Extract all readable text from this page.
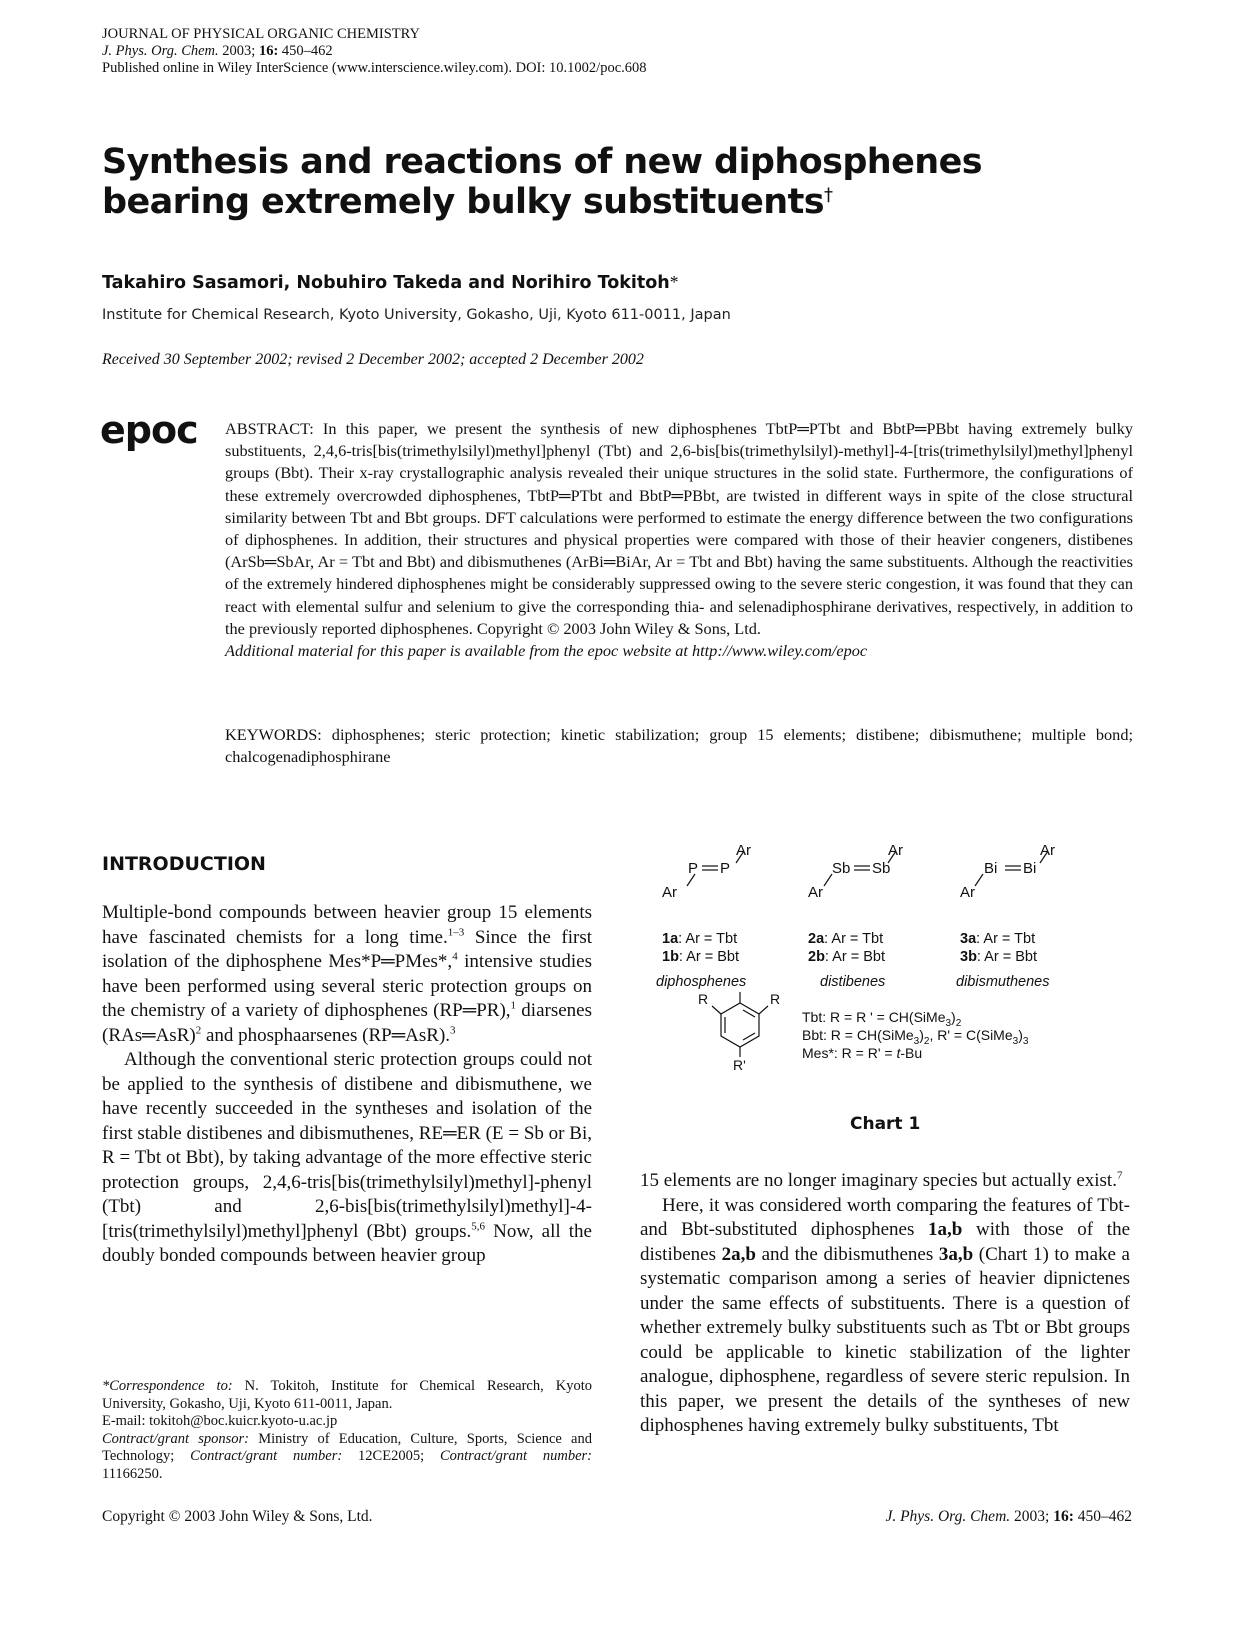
JOURNAL OF PHYSICAL ORGANIC CHEMISTRY
J. Phys. Org. Chem. 2003; 16: 450–462
Published online in Wiley InterScience (www.interscience.wiley.com). DOI: 10.1002/poc.608
Synthesis and reactions of new diphosphenes bearing extremely bulky substituents†
Takahiro Sasamori, Nobuhiro Takeda and Norihiro Tokitoh*
Institute for Chemical Research, Kyoto University, Gokasho, Uji, Kyoto 611-0011, Japan
Received 30 September 2002; revised 2 December 2002; accepted 2 December 2002
epoc ABSTRACT: In this paper, we present the synthesis of new diphosphenes TbtP═PTbt and BbtP═PBbt having extremely bulky substituents, 2,4,6-tris[bis(trimethylsilyl)methyl]phenyl (Tbt) and 2,6-bis[bis(trimethylsilyl)-methyl]-4-[tris(trimethylsilyl)methyl]phenyl groups (Bbt). Their x-ray crystallographic analysis revealed their unique structures in the solid state. Furthermore, the configurations of these extremely overcrowded diphosphenes, TbtP═PTbt and BbtP═PBbt, are twisted in different ways in spite of the close structural similarity between Tbt and Bbt groups. DFT calculations were performed to estimate the energy difference between the two configurations of diphosphenes. In addition, their structures and physical properties were compared with those of their heavier congeners, distibenes (ArSb═SbAr, Ar = Tbt and Bbt) and dibismuthenes (ArBi═BiAr, Ar = Tbt and Bbt) having the same substituents. Although the reactivities of the extremely hindered diphosphenes might be considerably suppressed owing to the severe steric congestion, it was found that they can react with elemental sulfur and selenium to give the corresponding thia- and selenadiphosphirane derivatives, respectively, in addition to the previously reported diphosphenes. Copyright © 2003 John Wiley & Sons, Ltd.

Additional material for this paper is available from the epoc website at http://www.wiley.com/epoc

KEYWORDS: diphosphenes; steric protection; kinetic stabilization; group 15 elements; distibene; dibismuthene; multiple bond; chalcogenadiphosphirane
INTRODUCTION

Multiple-bond compounds between heavier group 15 elements have fascinated chemists for a long time.$^{1-3}$ Since the first isolation of the diphosphene Mes*P═PMes*,$^4$ intensive studies have been performed using several steric protection groups on the chemistry of a variety of diphosphenes (RP═PR),$^1$ diarsenes (RAs═AsR)$^2$ and phosphaarsenes (RP═AsR).$^3$

Although the conventional steric protection groups could not be applied to the synthesis of distibene and dibismuthene, we have recently succeeded in the syntheses and isolation of the first stable distibenes and dibismuthenes, RE═ER (E = Sb or Bi, R = Tbt ot Bbt), by taking advantage of the more effective steric protection groups, 2,4,6-tris[bis(trimethylsilyl)methyl]-phenyl (Tbt) and 2,6-bis[bis(trimethylsilyl)methyl]-4-[tris(trimethylsilyl)methyl]phenyl (Bbt) groups.$^{5,6}$ Now, all the doubly bonded compounds between heavier group

15 elements are no longer imaginary species but actually exist.$^7$

Here, it was considered worth comparing the features of Tbt- and Bbt-substituted diphosphenes 1a,b with those of the distibenes 2a,b and the dibismuthenes 3a,b (Chart 1) to make a systematic comparison among a series of heavier dipnictenes under the same effects of substituents. There is a question of whether extremely bulky substituents such as Tbt or Bbt groups could be applicable to kinetic stabilization of the lighter analogue, diphosphene, regardless of severe steric repulsion. In this paper, we present the details of the syntheses of new diphosphenes having extremely bulky substituents, Tbt

Ar
P P
Ar
Ar
Sb Sb
Ar
Ar
Bi Bi
Ar
1a: Ar = Tbt
1b: Ar = Bbt
2a: Ar = Tbt
2b: Ar = Bbt
3a: Ar = Tbt
3b: Ar = Bbt
diphosphenes	distibenes	dibismuthenes
R	R
R'
Tbt: R = R ' = $CH(SiMe_3)_2$
Bbt: $R = CH(SiMe_3)_2$, $R' = C(SiMe_3)_3$
Mes*: R = R' = t-Bu
Chart 1
*Correspondence to: N. Tokitoh, Institute for Chemical Research, Kyoto University, Gokasho, Uji, Kyoto 611-0011, Japan.
E-mail: tokitoh@boc.kuicr.kyoto-u.ac.jp
Contract/grant sponsor: Ministry of Education, Culture, Sports, Science and Technology; Contract/grant number: 12CE2005; Contract/grant number: 11166250.
Copyright © 2003 John Wiley & Sons, Ltd.	J. Phys. Org. Chem. 2003; 16: 450–462
